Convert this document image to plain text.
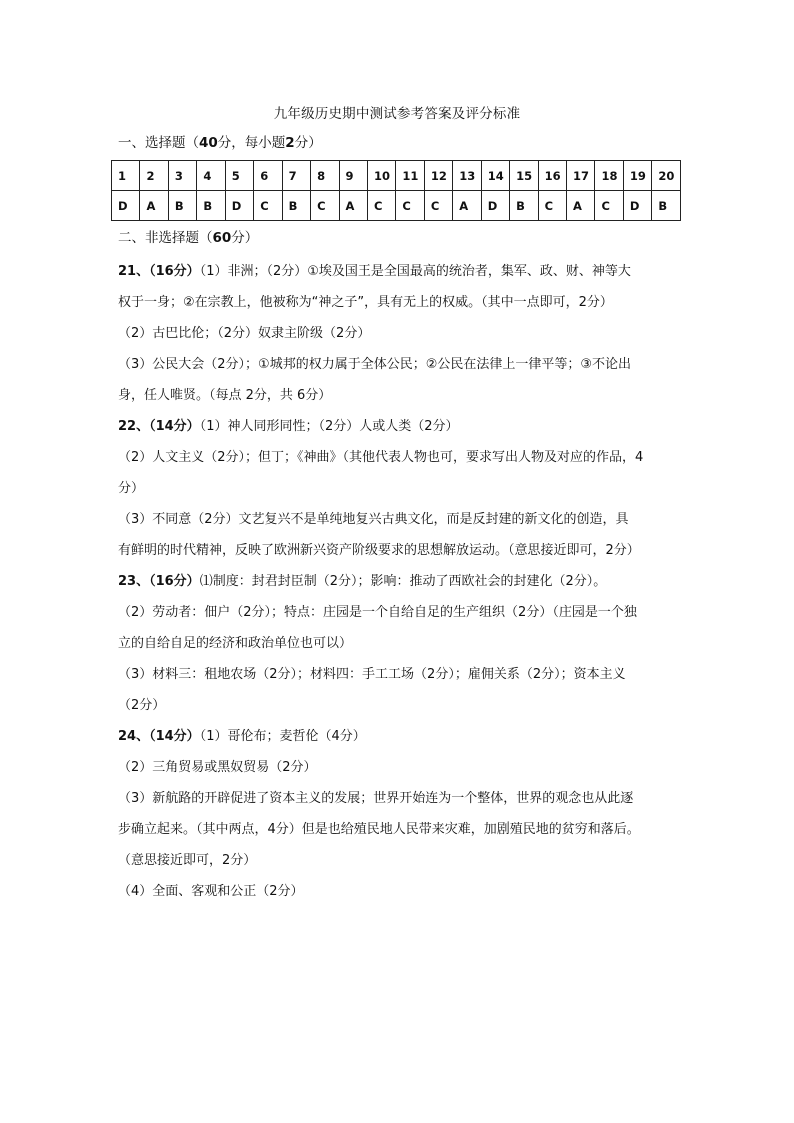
九年级历史期中测试参考答案及评分标准
一、选择题（40分，每小题2分）
1	2	3	4	5	6	7	8	9	10	11	12	13	14	15	16	17	18	19	20
D	A	B	B	D	C	B	C	A	C	C	C	A	D	B	C	A	C	D	B
二、非选择题（60分）
21、（16分）（1）非洲；（2分）①埃及国王是全国最高的统治者，集军、政、财、神等大
权于一身；②在宗教上，他被称为“神之子”，具有无上的权威。（其中一点即可，2分）
（2）古巴比伦；（2分）奴隶主阶级（2分）
（3）公民大会（2分）；①城邦的权力属于全体公民；②公民在法律上一律平等；③不论出
身，任人唯贤。（每点 2分，共 6分）
22、（14分）（1）神人同形同性；（2分）人或人类（2分）
（2）人文主义（2分）；但丁；《神曲》（其他代表人物也可，要求写出人物及对应的作品，4
分）
（3）不同意（2分）文艺复兴不是单纯地复兴古典文化，而是反封建的新文化的创造，具
有鲜明的时代精神，反映了欧洲新兴资产阶级要求的思想解放运动。（意思接近即可，2分）
23、（16分）⑴制度：封君封臣制（2分）；影响：推动了西欧社会的封建化（2分）。
（2）劳动者：佃户（2分）；特点：庄园是一个自给自足的生产组织（2分）（庄园是一个独
立的自给自足的经济和政治单位也可以）
（3）材料三：租地农场（2分）；材料四：手工工场（2分）；雇佣关系（2分）；资本主义
（2分）
24、（14分）（1）哥伦布；麦哲伦（4分）
（2）三角贸易或黑奴贸易（2分）
（3）新航路的开辟促进了资本主义的发展；世界开始连为一个整体，世界的观念也从此逐
步确立起来。（其中两点，4分）但是也给殖民地人民带来灾难，加剧殖民地的贫穷和落后。
（意思接近即可，2分）
（4）全面、客观和公正（2分）
